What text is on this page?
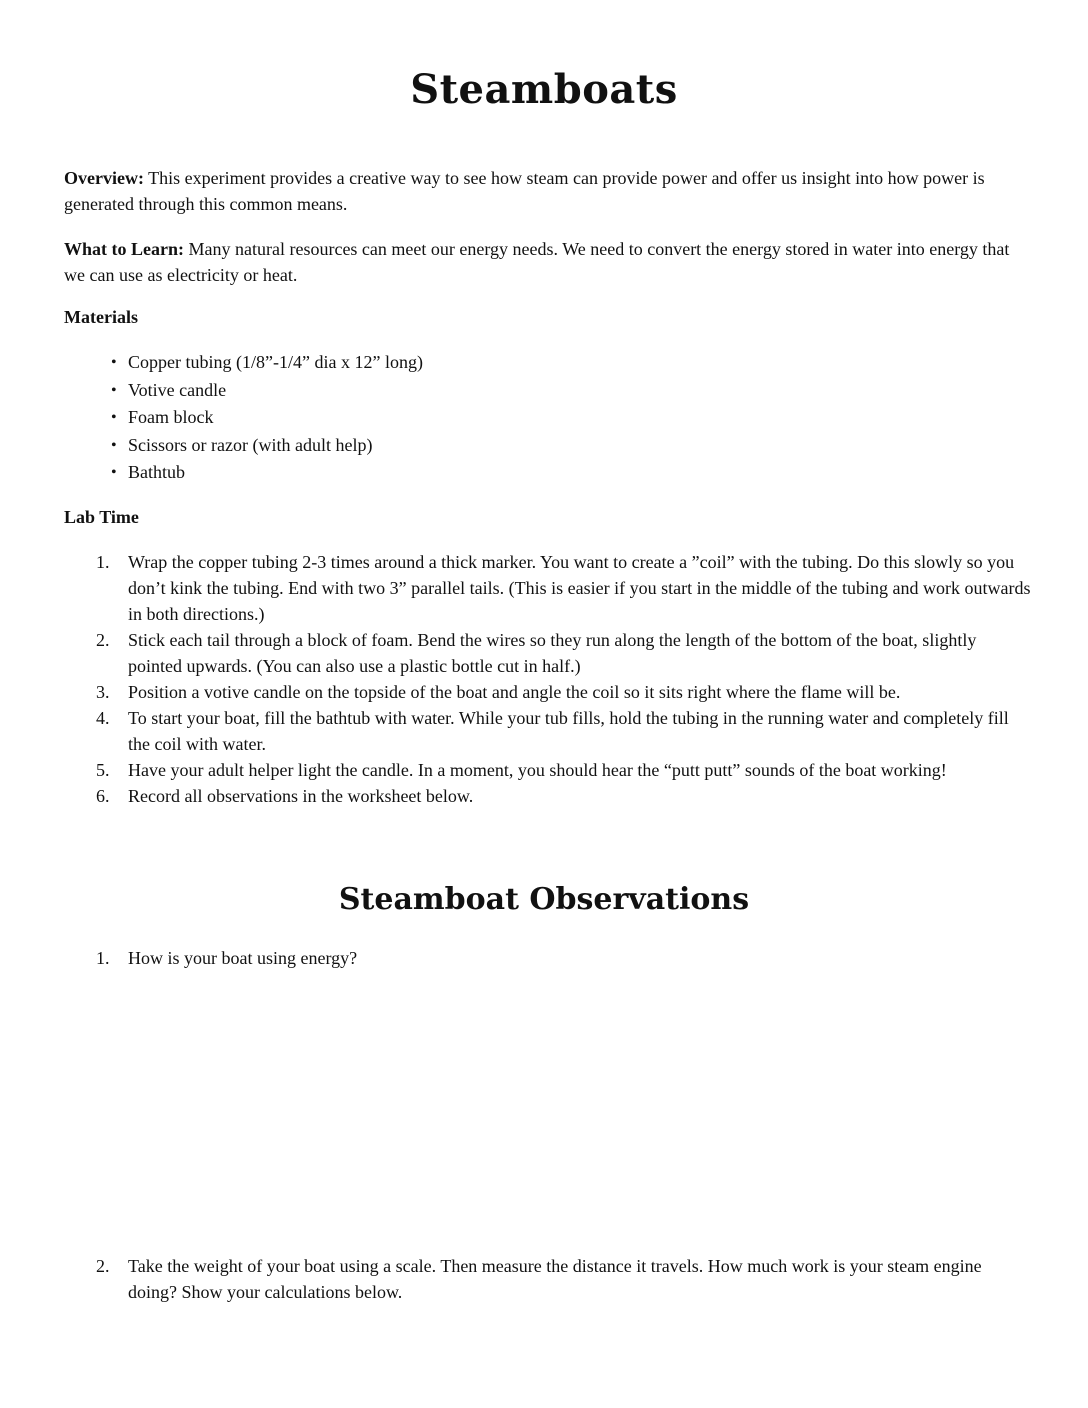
Steamboats

Overview: This experiment provides a creative way to see how steam can provide power and offer us insight into how power is generated through this common means.

What to Learn: Many natural resources can meet our energy needs. We need to convert the energy stored in water into energy that we can use as electricity or heat.

Materials

• Copper tubing (1/8”-1/4” dia x 12” long)
• Votive candle
• Foam block
• Scissors or razor (with adult help)
• Bathtub

Lab Time

1. Wrap the copper tubing 2-3 times around a thick marker. You want to create a ”coil” with the tubing. Do this slowly so you don’t kink the tubing. End with two 3” parallel tails. (This is easier if you start in the middle of the tubing and work outwards in both directions.)
2. Stick each tail through a block of foam. Bend the wires so they run along the length of the bottom of the boat, slightly pointed upwards. (You can also use a plastic bottle cut in half.)
3. Position a votive candle on the topside of the boat and angle the coil so it sits right where the flame will be.
4. To start your boat, fill the bathtub with water. While your tub fills, hold the tubing in the running water and completely fill the coil with water.
5. Have your adult helper light the candle. In a moment, you should hear the “putt putt” sounds of the boat working!
6. Record all observations in the worksheet below.
Steamboat Observations
1. How is your boat using energy?
2. Take the weight of your boat using a scale. Then measure the distance it travels. How much work is your steam engine doing? Show your calculations below.
